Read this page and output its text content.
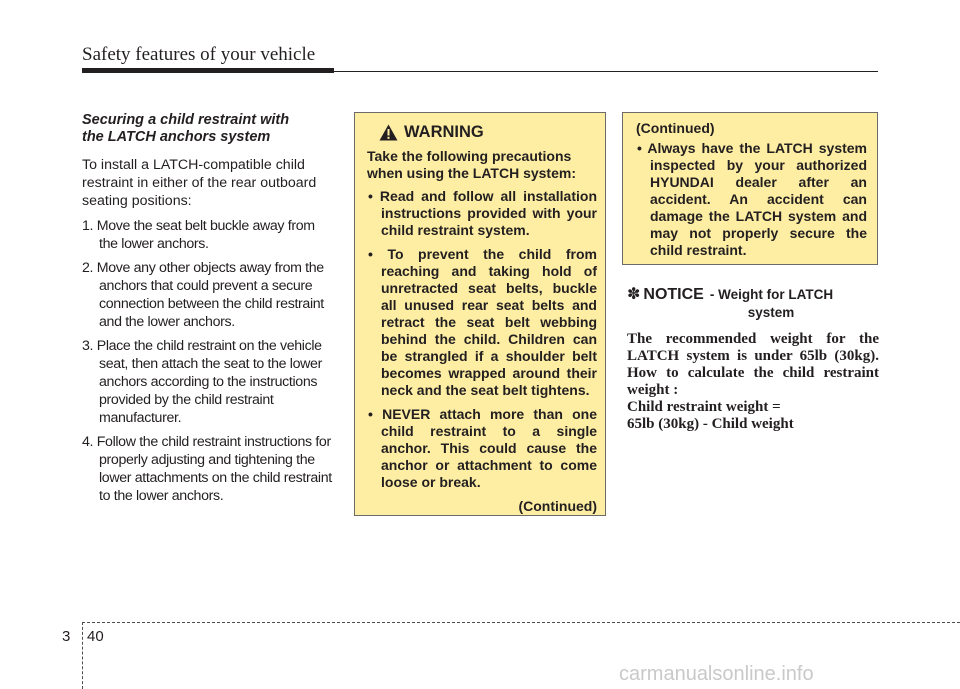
Safety features of your vehicle
Securing a child restraint with
the LATCH anchors system

To install a LATCH-compatible child restraint in either of the rear outboard seating positions:

1. Move the seat belt buckle away from the lower anchors.
2. Move any other objects away from the anchors that could prevent a secure connection between the child restraint and the lower anchors.
3. Place the child restraint on the vehicle seat, then attach the seat to the lower anchors according to the instructions provided by the child restraint manufacturer.
4. Follow the child restraint instructions for properly adjusting and tightening the lower attachments on the child restraint to the lower anchors.
WARNING

Take the following precautions when using the LATCH system:

• Read and follow all installation instructions provided with your child restraint system.
• To prevent the child from reaching and taking hold of unretracted seat belts, buckle all unused rear seat belts and retract the seat belt webbing behind the child. Children can be strangled if a shoulder belt becomes wrapped around their neck and the seat belt tightens.
• NEVER attach more than one child restraint to a single anchor. This could cause the anchor or attachment to come loose or break.
(Continued)
(Continued)
• Always have the LATCH system inspected by your authorized HYUNDAI dealer after an accident. An accident can damage the LATCH system and may not properly secure the child restraint.
✽ NOTICE - Weight for LATCH
system
The recommended weight for the LATCH system is under 65lb (30kg). How to calculate the child restraint weight :
Child restraint weight =
65lb (30kg) - Child weight
3 40
carmanualsonline.info
